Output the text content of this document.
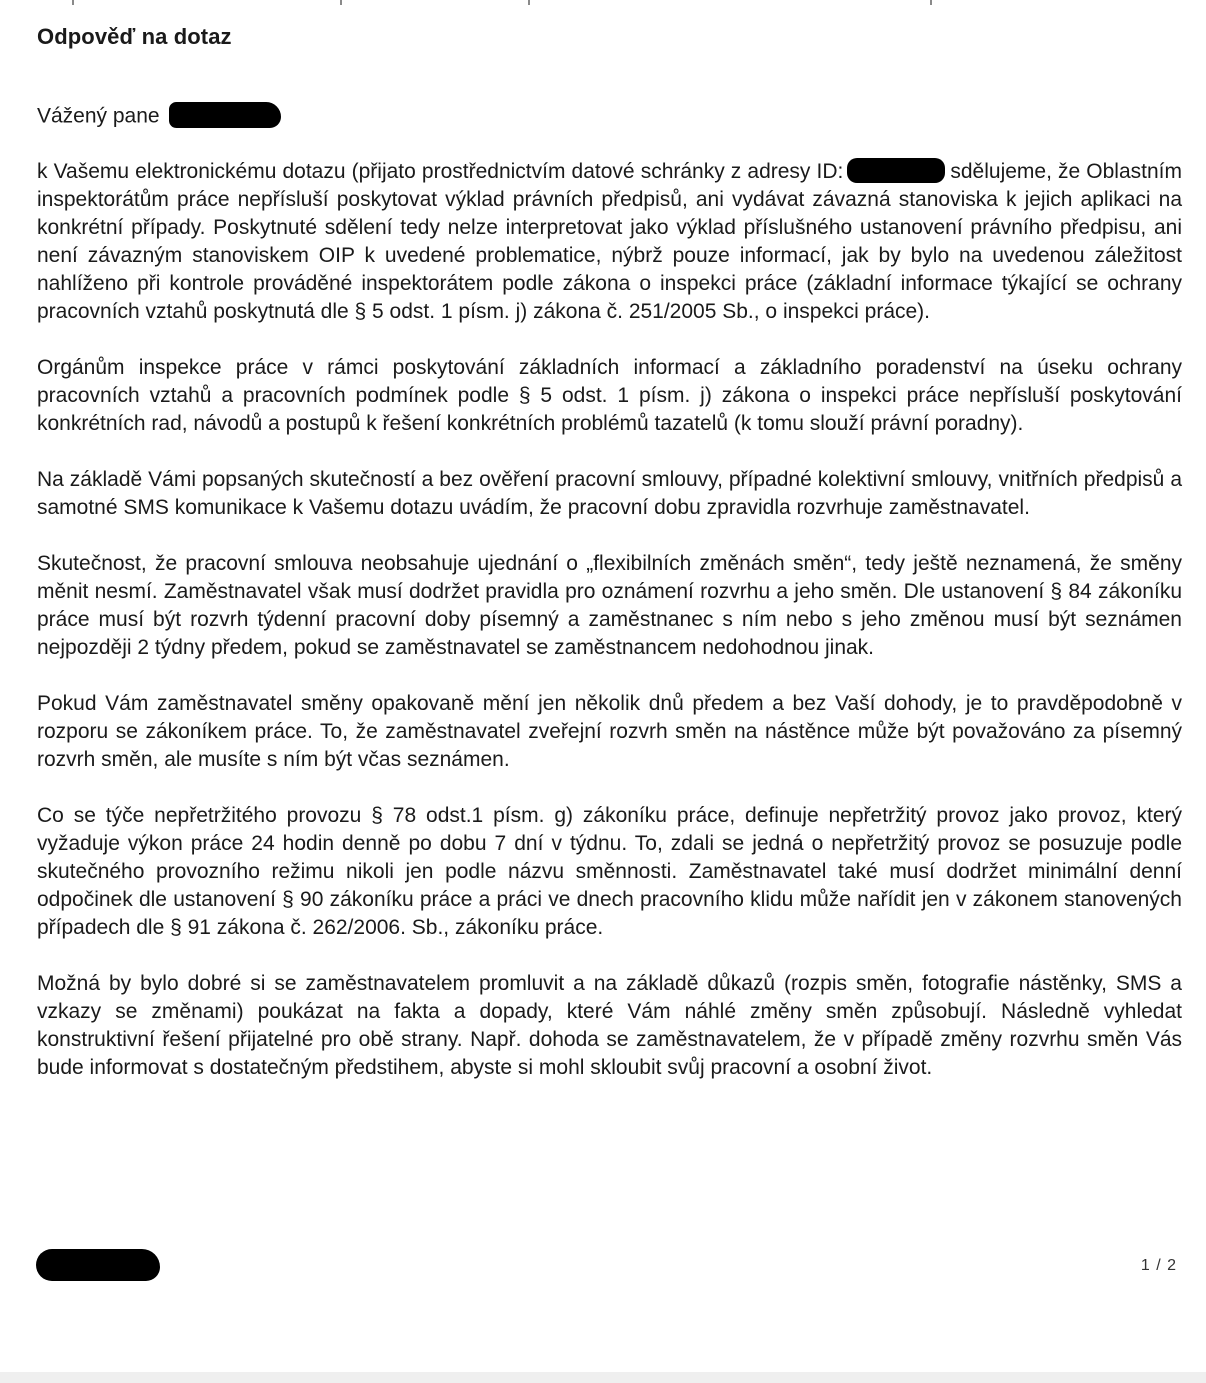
Odpověď na dotaz
Vážený pane

k Vašemu elektronickému dotazu (přijato prostřednictvím datové schránky z adresy ID:	sdělujeme, že Oblastním inspektorátům práce nepřísluší poskytovat výklad právních předpisů, ani vydávat závazná stanoviska k jejich aplikaci na konkrétní případy. Poskytnuté sdělení tedy nelze interpretovat jako výklad příslušného ustanovení právního předpisu, ani není závazným stanoviskem OIP k uvedené problematice, nýbrž pouze informací, jak by bylo na uvedenou záležitost nahlíženo při kontrole prováděné inspektorátem podle zákona o inspekci práce (základní informace týkající se ochrany pracovních vztahů poskytnutá dle § 5 odst. 1 písm. j) zákona č. 251/2005 Sb., o inspekci práce).

Orgánům inspekce práce v rámci poskytování základních informací a základního poradenství na úseku ochrany pracovních vztahů a pracovních podmínek podle § 5 odst. 1 písm. j) zákona o inspekci práce nepřísluší poskytování konkrétních rad, návodů a postupů k řešení konkrétních problémů tazatelů (k tomu slouží právní poradny).

Na základě Vámi popsaných skutečností a bez ověření pracovní smlouvy, případné kolektivní smlouvy, vnitřních předpisů a samotné SMS komunikace k Vašemu dotazu uvádím, že pracovní dobu zpravidla rozvrhuje zaměstnavatel.

Skutečnost, že pracovní smlouva neobsahuje ujednání o „flexibilních změnách směn“, tedy ještě neznamená, že směny měnit nesmí. Zaměstnavatel však musí dodržet pravidla pro oznámení rozvrhu a jeho směn. Dle ustanovení § 84 zákoníku práce musí být rozvrh týdenní pracovní doby písemný a zaměstnanec s ním nebo s jeho změnou musí být seznámen nejpozději 2 týdny předem, pokud se zaměstnavatel se zaměstnancem nedohodnou jinak.

Pokud Vám zaměstnavatel směny opakovaně mění jen několik dnů předem a bez Vaší dohody, je to pravděpodobně v rozporu se zákoníkem práce. To, že zaměstnavatel zveřejní rozvrh směn na nástěnce může být považováno za písemný rozvrh směn, ale musíte s ním být včas seznámen.

Co se týče nepřetržitého provozu § 78 odst.1 písm. g) zákoníku práce, definuje nepřetržitý provoz jako provoz, který vyžaduje výkon práce 24 hodin denně po dobu 7 dní v týdnu. To, zdali se jedná o nepřetržitý provoz se posuzuje podle skutečného provozního režimu nikoli jen podle názvu směnnosti. Zaměstnavatel také musí dodržet minimální denní odpočinek dle ustanovení § 90 zákoníku práce a práci ve dnech pracovního klidu může nařídit jen v zákonem stanovených případech dle § 91 zákona č. 262/2006. Sb., zákoníku práce.

Možná by bylo dobré si se zaměstnavatelem promluvit a na základě důkazů (rozpis směn, fotografie nástěnky, SMS a vzkazy se změnami) poukázat na fakta a dopady, které Vám náhlé změny směn způsobují. Následně vyhledat konstruktivní řešení přijatelné pro obě strany. Např. dohoda se zaměstnavatelem, že v případě změny rozvrhu směn Vás bude informovat s dostatečným předstihem, abyste si mohl skloubit svůj pracovní a osobní život.

1 / 2
